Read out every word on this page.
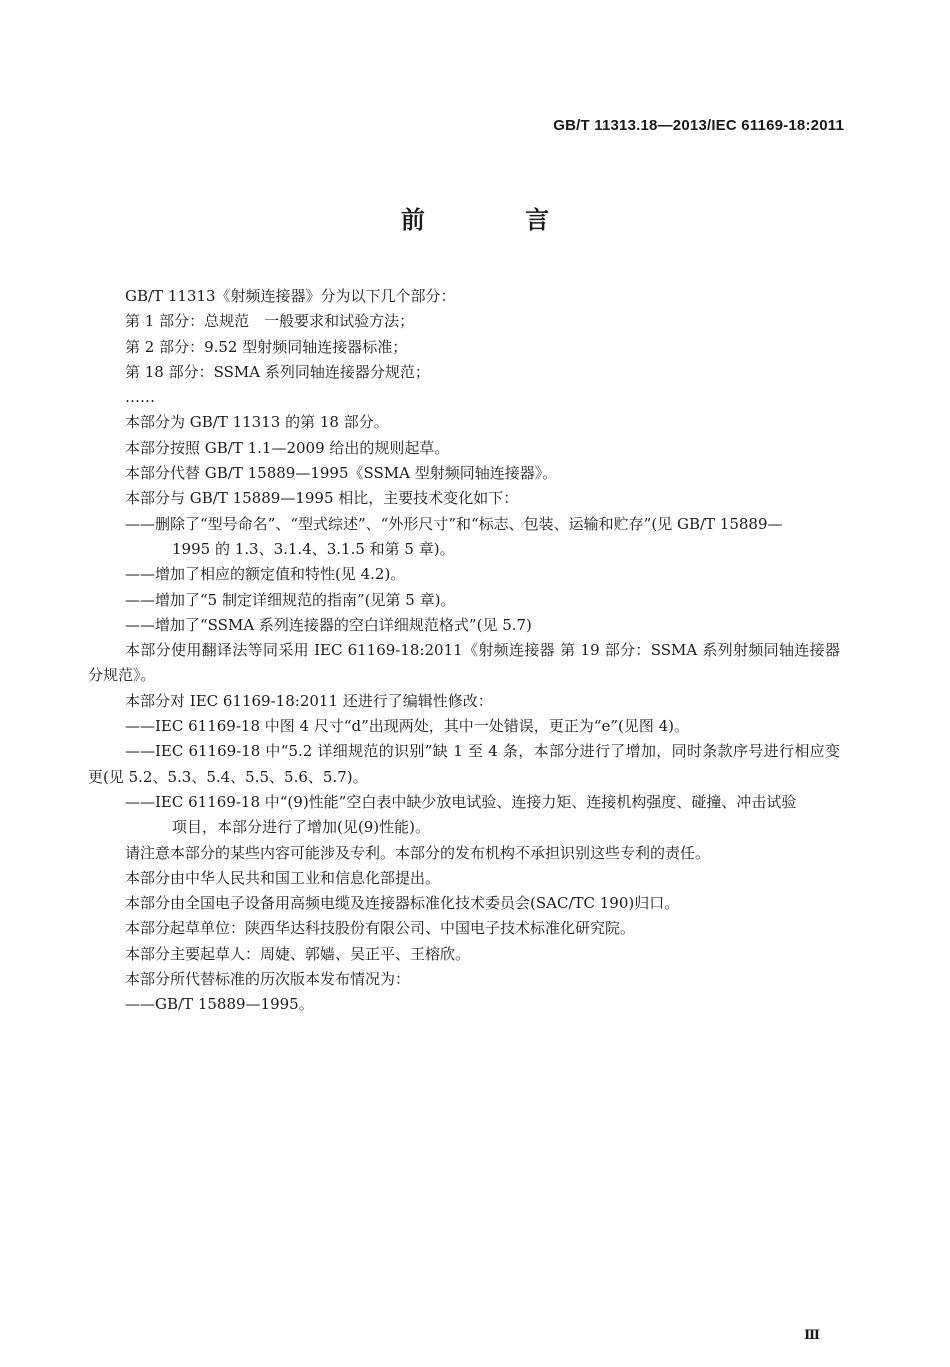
GB/T 11313.18—2013/IEC 61169-18:2011
前 言

GB/T 11313《射频连接器》分为以下几个部分：

第 1 部分：总规范　一般要求和试验方法；

第 2 部分：9.52 型射频同轴连接器标准；

第 18 部分：SSMA 系列同轴连接器分规范；

……

本部分为 GB/T 11313 的第 18 部分。

本部分按照 GB/T 1.1—2009 给出的规则起草。

本部分代替 GB/T 15889—1995《SSMA 型射频同轴连接器》。

本部分与 GB/T 15889—1995 相比，主要技术变化如下：

——删除了“型号命名”、“型式综述”、“外形尺寸”和“标志、包装、运输和贮存”(见 GB/T 15889—

1995 的 1.3、3.1.4、3.1.5 和第 5 章)。

——增加了相应的额定值和特性(见 4.2)。

——增加了“5 制定详细规范的指南”(见第 5 章)。

——增加了“SSMA 系列连接器的空白详细规范格式”(见 5.7)

本部分使用翻译法等同采用 IEC 61169-18:2011《射频连接器 第 19 部分：SSMA 系列射频同轴连接器分规范》。

本部分对 IEC 61169-18:2011 还进行了编辑性修改：

——IEC 61169-18 中图 4 尺寸“d”出现两处，其中一处错误，更正为“e”(见图 4)。

——IEC 61169-18 中“5.2 详细规范的识别”缺 1 至 4 条，本部分进行了增加，同时条款序号进行相应变更(见 5.2、5.3、5.4、5.5、5.6、5.7)。

——IEC 61169-18 中“(9)性能”空白表中缺少放电试验、连接力矩、连接机构强度、碰撞、冲击试验

项目，本部分进行了增加(见(9)性能)。

请注意本部分的某些内容可能涉及专利。本部分的发布机构不承担识别这些专利的责任。

本部分由中华人民共和国工业和信息化部提出。

本部分由全国电子设备用高频电缆及连接器标准化技术委员会(SAC/TC 190)归口。

本部分起草单位：陕西华达科技股份有限公司、中国电子技术标准化研究院。

本部分主要起草人：周婕、郭嫱、吴正平、王榕欣。

本部分所代替标准的历次版本发布情况为：

——GB/T 15889—1995。

Ⅲ
